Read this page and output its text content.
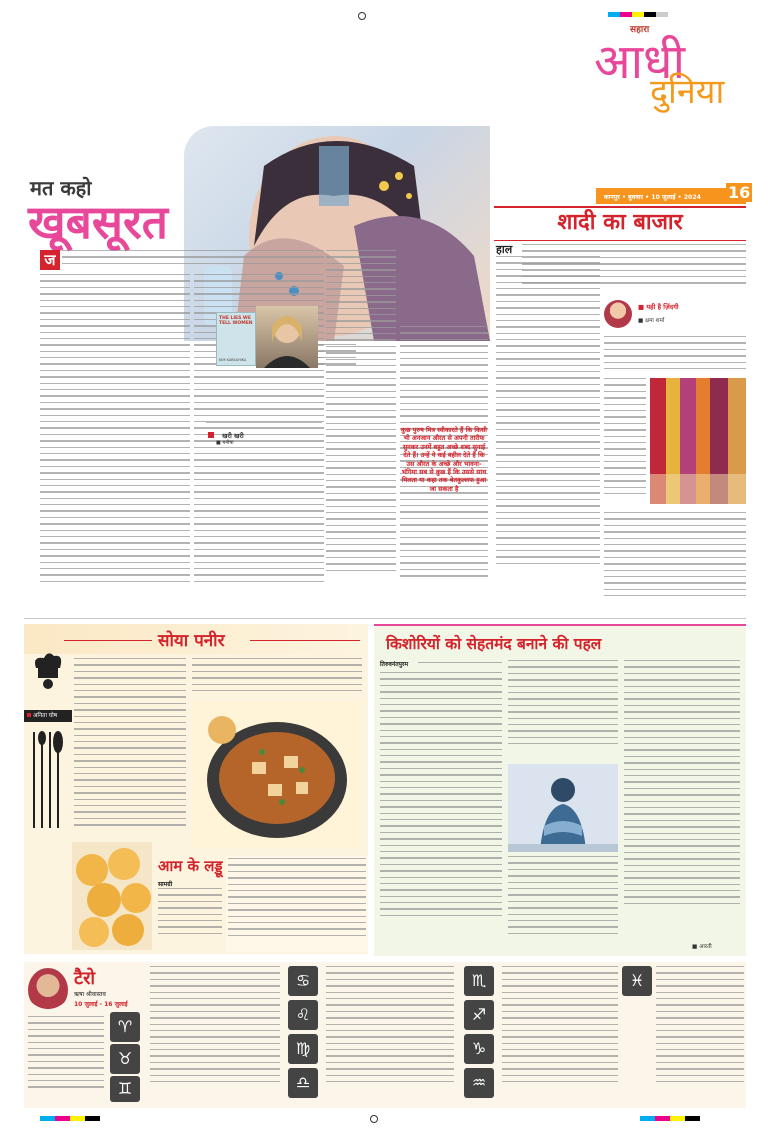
मत कहो
खूबसूरत
ज
THE LIES WE TELL WOMEN
KIM KARASHIKA
खरी खरी
■ मनीषा
कुछ पुरुष मित्र स्वीकारते हैं कि किसी भी अनजान औरत से अपनी तारीफ सुनकर उनमें बहुत अच्छे शब्द सुनाई देते हैं। उन्हें ये कई बहील देते हैं कि उस औरत के अच्छे और भावना-भंगिमा सब से कुछ हैं कि उससे साथ मिलता या कहा तक बेतकुल्लफ हुआ जा सकता है
सहारा
आधी
दुनिया
कानपुर • बुधवार • 10 जुलाई • 2024 16
शादी का बाजार
हाल
■ यही है ज़िंदगी
■ क्षमा शर्मा
सोया पनीर
अनिता घोष
आम के लड्डू
सामग्री
किशोरियों को सेहतमंद बनाने की पहल
तिरुवनंतपुरम
■ आरती
टैरो
ऋषा श्रीवास्तव
10 जुलाई - 16 जुलाई
♈
♉
♊
♋
♌
♍
♎
♏
♐
♑
♒
♓
